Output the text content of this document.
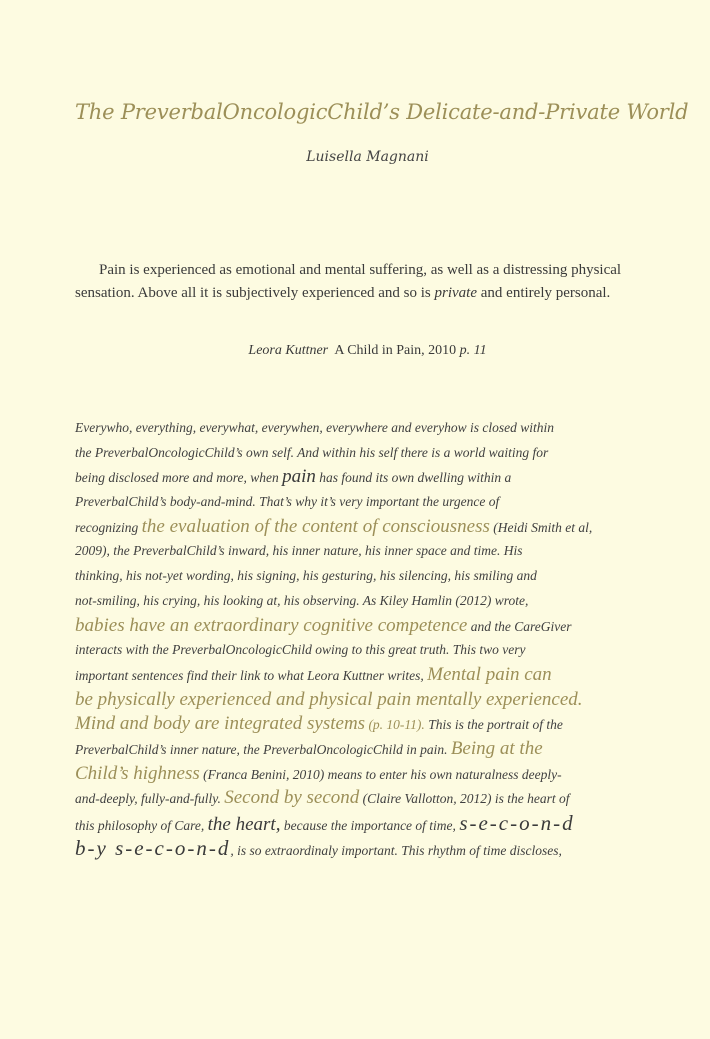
The PreverbalOncologicChild’s Delicate-and-Private World
Luisella Magnani
Pain is experienced as emotional and mental suffering, as well as a distressing physical sensation. Above all it is subjectively experienced and so is private and entirely personal.
Leora Kuttner A Child in Pain, 2010 p. 11
Everywho, everything, everywhat, everywhen, everywhere and everyhow is closed within
the PreverbalOncologicChild’s own self. And within his self there is a world waiting for
being disclosed more and more, when pain has found its own dwelling within a
PreverbalChild’s body-and-mind. That’s why it’s very important the urgence of
recognizing the evaluation of the content of consciousness (Heidi Smith et al,
2009), the PreverbalChild’s inward, his inner nature, his inner space and time. His
thinking, his not-yet wording, his signing, his gesturing, his silencing, his smiling and
not-smiling, his crying, his looking at, his observing. As Kiley Hamlin (2012) wrote,
babies have an extraordinary cognitive competence and the CareGiver
interacts with the PreverbalOncologicChild owing to this great truth. This two very
important sentences find their link to what Leora Kuttner writes, Mental pain can
be physically experienced and physical pain mentally experienced.
Mind and body are integrated systems (p. 10-11). This is the portrait of the
PreverbalChild’s inner nature, the PreverbalOncologicChild in pain. Being at the
Child’s highness (Franca Benini, 2010) means to enter his own naturalness deeply-
and-deeply, fully-and-fully. Second by second (Claire Vallotton, 2012) is the heart of
this philosophy of Care, the heart, because the importance of time, s-e-c-o-n-d
b-y s-e-c-o-n-d, is so extraordinaly important. This rhythm of time discloses,
